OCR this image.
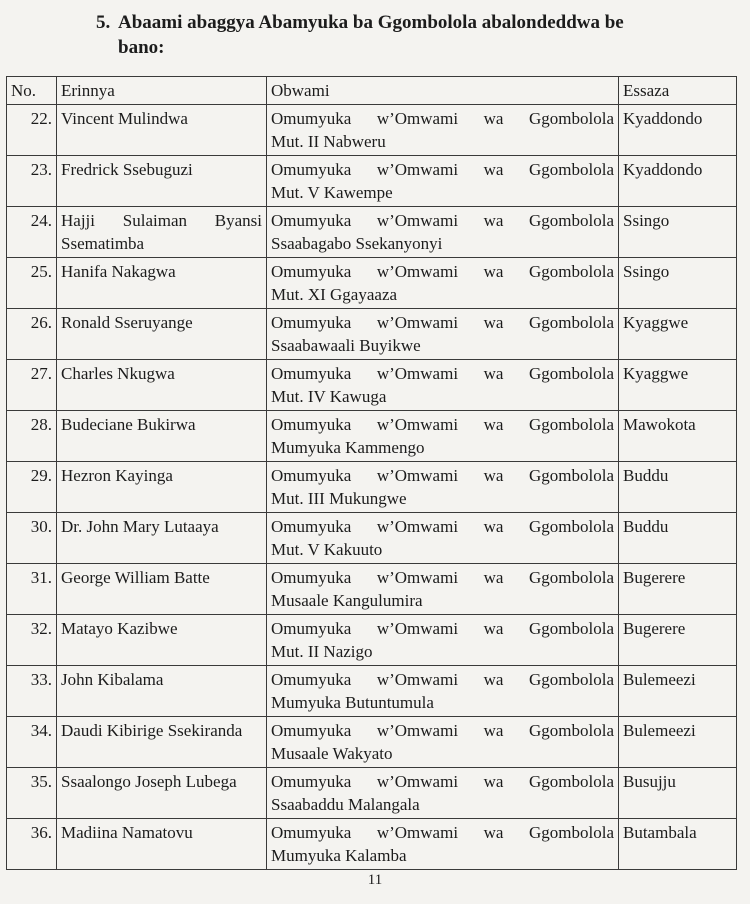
5. Abaami abaggya Abamyuka ba Ggombolola abalondeddwa be
bano:
No.	Erinnya	Obwami	Essaza
22.	Vincent Mulindwa	Omumyuka w’Omwami wa Ggombolola
Mut. II Nabweru	Kyaddondo
23.	Fredrick Ssebuguzi	Omumyuka w’Omwami wa Ggombolola
Mut. V Kawempe	Kyaddondo
24.	Hajji Sulaiman Byansi Ssematimba	Omumyuka w’Omwami wa Ggombolola
Ssaabagabo Ssekanyonyi	Ssingo
25.	Hanifa Nakagwa	Omumyuka w’Omwami wa Ggombolola
Mut. XI Ggayaaza	Ssingo
26.	Ronald Sseruyange	Omumyuka w’Omwami wa Ggombolola
Ssaabawaali Buyikwe	Kyaggwe
27.	Charles Nkugwa	Omumyuka w’Omwami wa Ggombolola
Mut. IV Kawuga	Kyaggwe
28.	Budeciane Bukirwa	Omumyuka w’Omwami wa Ggombolola
Mumyuka Kammengo	Mawokota
29.	Hezron Kayinga	Omumyuka w’Omwami wa Ggombolola
Mut. III Mukungwe	Buddu
30.	Dr. John Mary Lutaaya	Omumyuka w’Omwami wa Ggombolola
Mut. V Kakuuto	Buddu
31.	George William Batte	Omumyuka w’Omwami wa Ggombolola
Musaale Kangulumira	Bugerere
32.	Matayo Kazibwe	Omumyuka w’Omwami wa Ggombolola
Mut. II Nazigo	Bugerere
33.	John Kibalama	Omumyuka w’Omwami wa Ggombolola
Mumyuka Butuntumula	Bulemeezi
34.	Daudi Kibirige Ssekiranda	Omumyuka w’Omwami wa Ggombolola
Musaale Wakyato	Bulemeezi
35.	Ssaalongo Joseph Lubega	Omumyuka w’Omwami wa Ggombolola
Ssaabaddu Malangala	Busujju
36.	Madiina Namatovu	Omumyuka w’Omwami wa Ggombolola
Mumyuka Kalamba	Butambala
11
